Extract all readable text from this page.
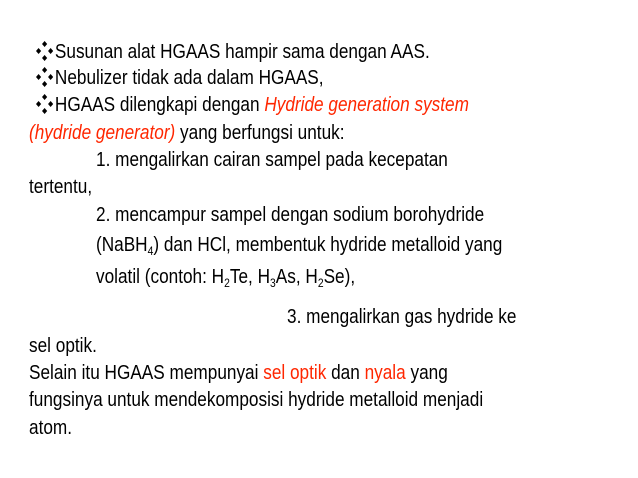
Susunan alat HGAAS hampir sama dengan AAS.
Nebulizer tidak ada dalam HGAAS,
HGAAS dilengkapi dengan Hydride generation system
(hydride generator) yang berfungsi untuk:
1. mengalirkan cairan sampel pada kecepatan
tertentu,
2. mencampur sampel dengan sodium borohydride
(NaBH$_4$) dan HCl, membentuk hydride metalloid yang
volatil (contoh: $H_2Te$, $H_3As$, $H_2Se$),
3. mengalirkan gas hydride ke
sel optik.
Selain itu HGAAS mempunyai sel optik dan nyala yang
fungsinya untuk mendekomposisi hydride metalloid menjadi
atom.
